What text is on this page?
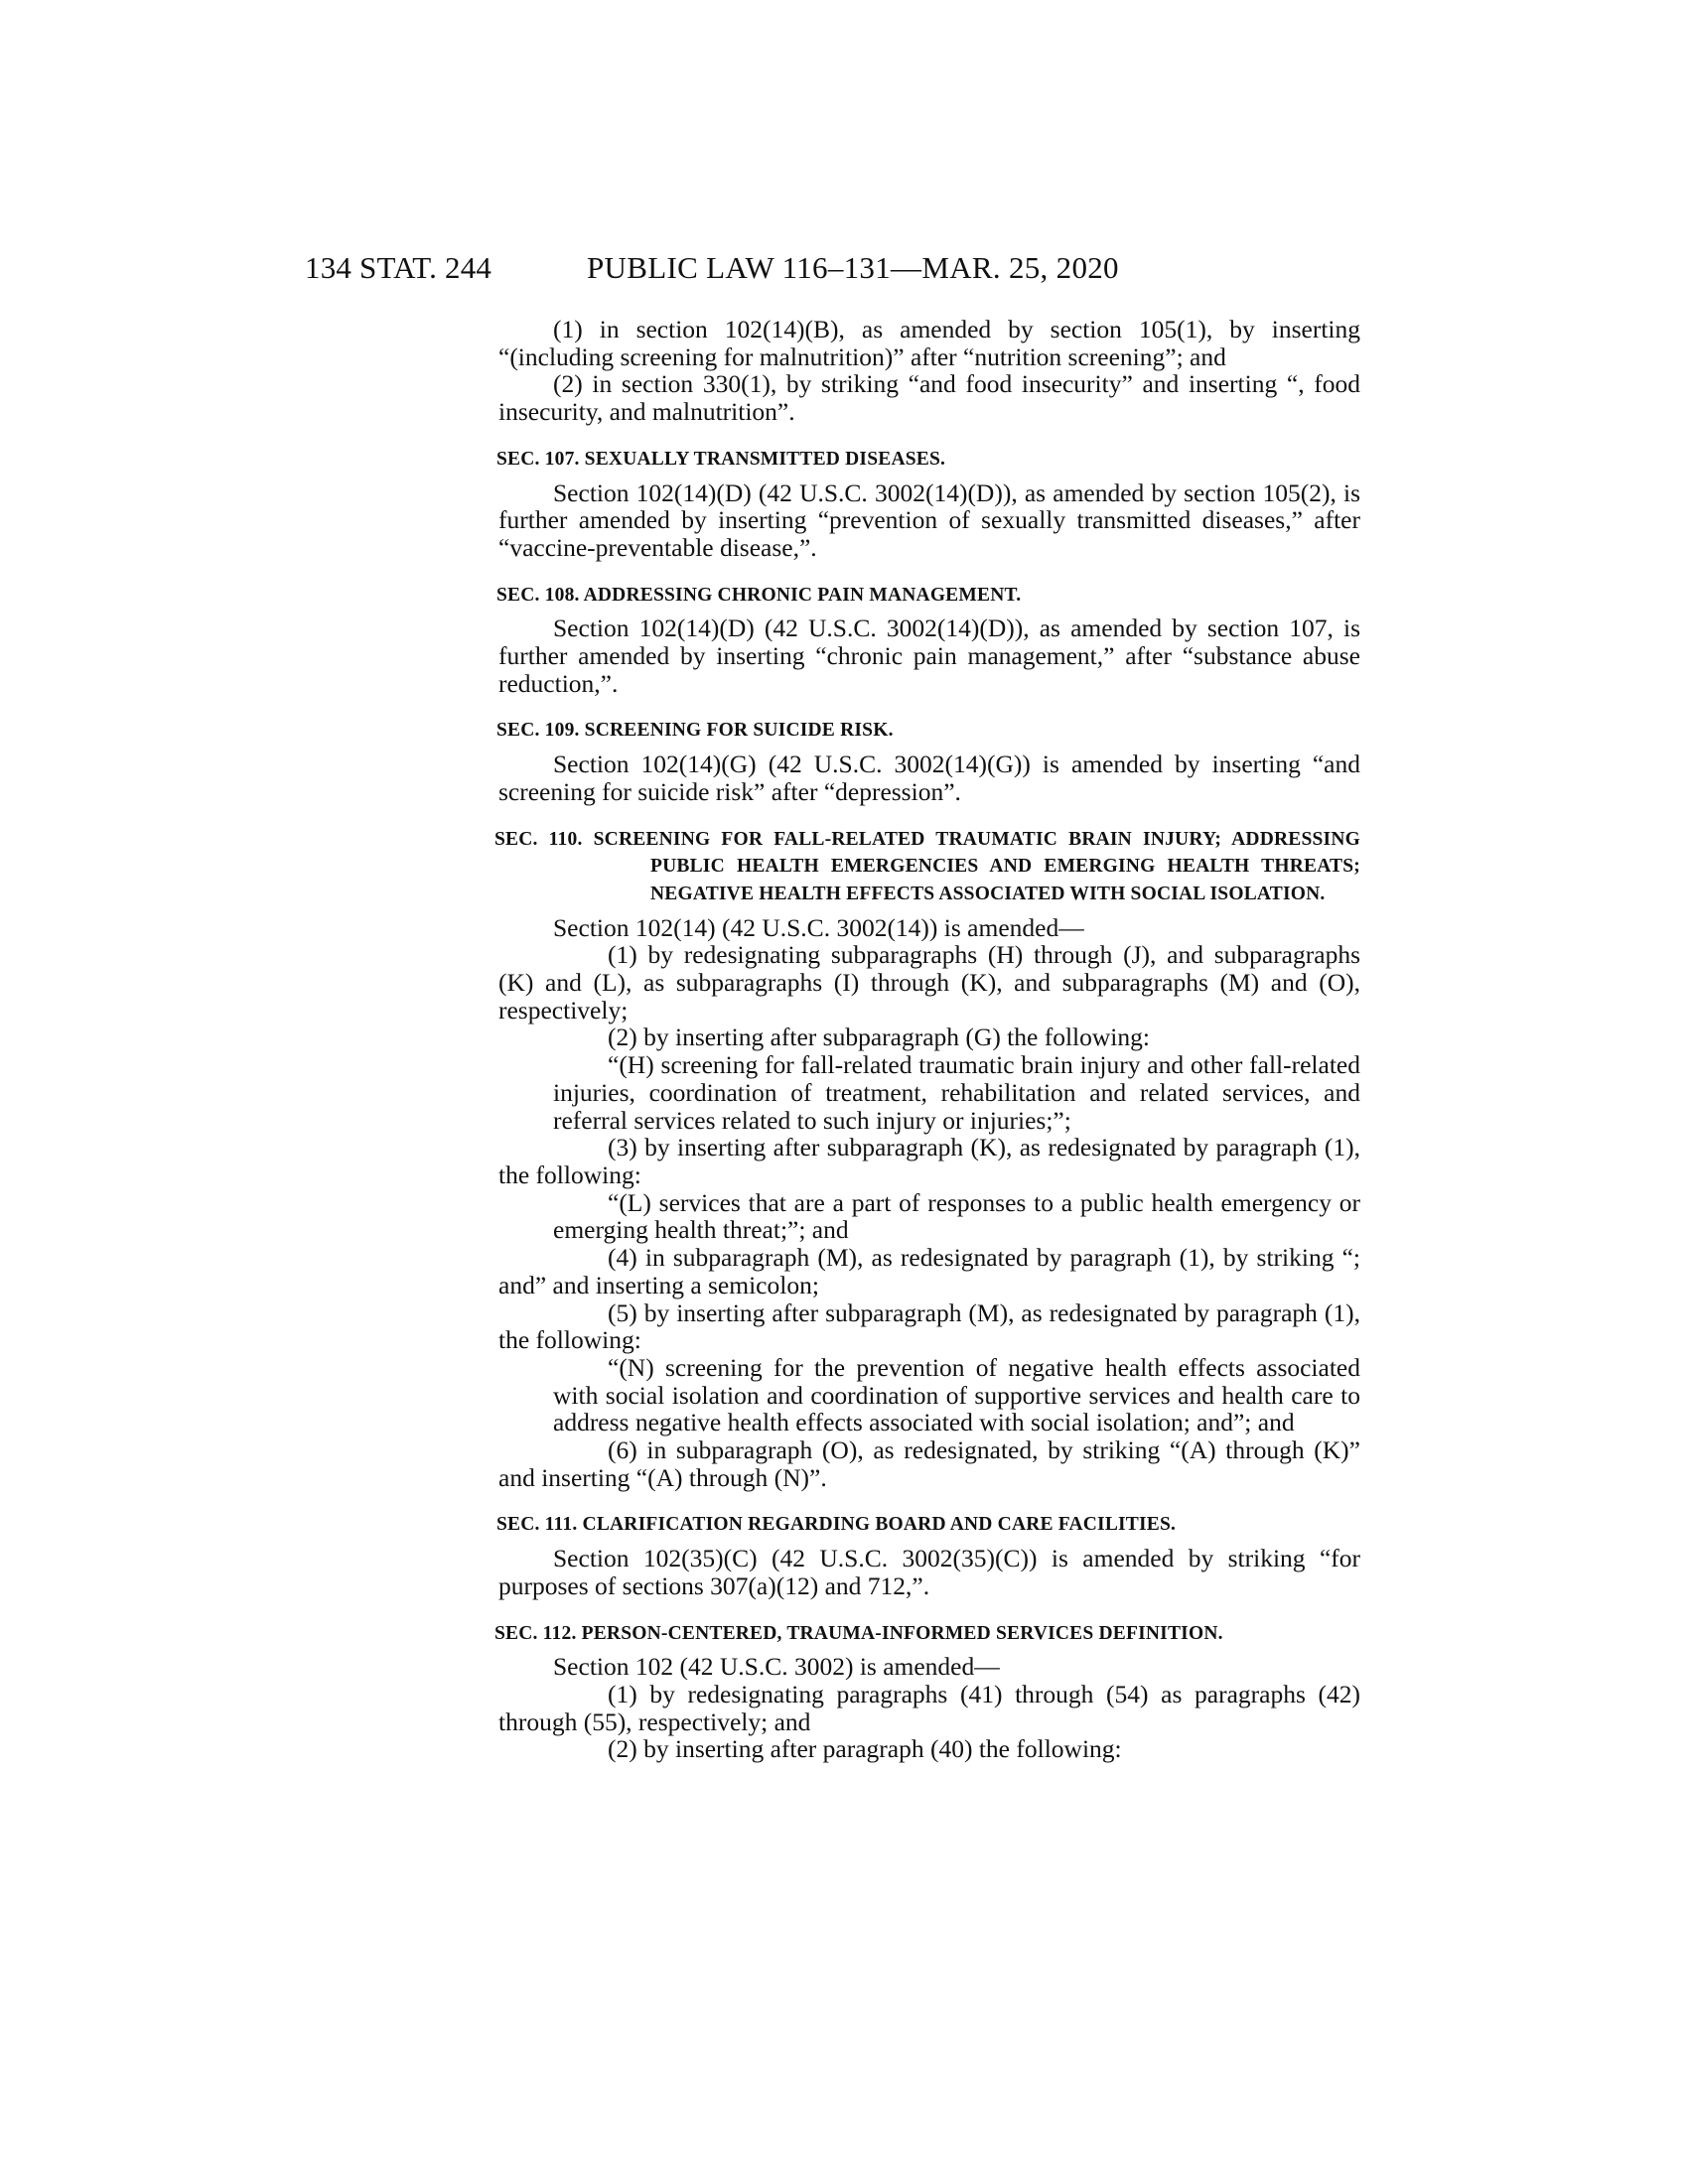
134 STAT. 244	PUBLIC LAW 116–131—MAR. 25, 2020

(1) in section 102(14)(B), as amended by section 105(1), by inserting “(including screening for malnutrition)” after “nutrition screening”; and

(2) in section 330(1), by striking “and food insecurity” and inserting “, food insecurity, and malnutrition”.

SEC. 107. SEXUALLY TRANSMITTED DISEASES.

Section 102(14)(D) (42 U.S.C. 3002(14)(D)), as amended by section 105(2), is further amended by inserting “prevention of sexually transmitted diseases,” after “vaccine-preventable disease,”.

SEC. 108. ADDRESSING CHRONIC PAIN MANAGEMENT.

Section 102(14)(D) (42 U.S.C. 3002(14)(D)), as amended by section 107, is further amended by inserting “chronic pain management,” after “substance abuse reduction,”.

SEC. 109. SCREENING FOR SUICIDE RISK.

Section 102(14)(G) (42 U.S.C. 3002(14)(G)) is amended by inserting “and screening for suicide risk” after “depression”.

SEC. 110. SCREENING FOR FALL-RELATED TRAUMATIC BRAIN INJURY; ADDRESSING PUBLIC HEALTH EMERGENCIES AND EMERGING HEALTH THREATS; NEGATIVE HEALTH EFFECTS ASSOCIATED WITH SOCIAL ISOLATION.

Section 102(14) (42 U.S.C. 3002(14)) is amended—

(1) by redesignating subparagraphs (H) through (J), and subparagraphs (K) and (L), as subparagraphs (I) through (K), and subparagraphs (M) and (O), respectively;

(2) by inserting after subparagraph (G) the following:

“(H) screening for fall-related traumatic brain injury and other fall-related injuries, coordination of treatment, rehabilitation and related services, and referral services related to such injury or injuries;”;

(3) by inserting after subparagraph (K), as redesignated by paragraph (1), the following:

“(L) services that are a part of responses to a public health emergency or emerging health threat;”; and

(4) in subparagraph (M), as redesignated by paragraph (1), by striking “; and” and inserting a semicolon;

(5) by inserting after subparagraph (M), as redesignated by paragraph (1), the following:

“(N) screening for the prevention of negative health effects associated with social isolation and coordination of supportive services and health care to address negative health effects associated with social isolation; and”; and

(6) in subparagraph (O), as redesignated, by striking “(A) through (K)” and inserting “(A) through (N)”.

SEC. 111. CLARIFICATION REGARDING BOARD AND CARE FACILITIES.

Section 102(35)(C) (42 U.S.C. 3002(35)(C)) is amended by striking “for purposes of sections 307(a)(12) and 712,”.

SEC. 112. PERSON-CENTERED, TRAUMA-INFORMED SERVICES DEFINITION.

Section 102 (42 U.S.C. 3002) is amended—

(1) by redesignating paragraphs (41) through (54) as paragraphs (42) through (55), respectively; and

(2) by inserting after paragraph (40) the following:
